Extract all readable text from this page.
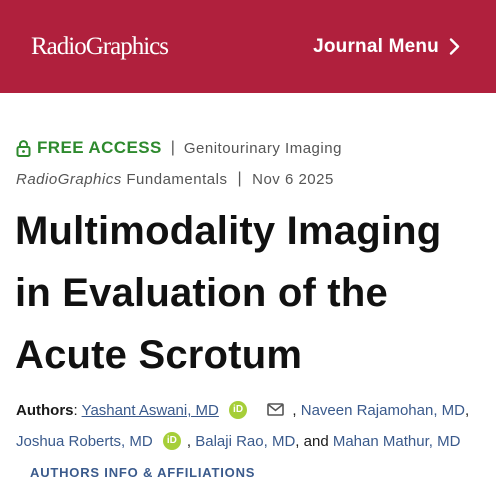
RadioGraphics	Journal Menu
FREE ACCESS | Genitourinary Imaging
RadioGraphics
Fundamentals | Nov 6 2025
Multimodality Imaging
in Evaluation of the
Acute Scrotum
Authors: Yashant Aswani, MD iD	, Naveen Rajamohan, MD,
Joshua Roberts, MD iD , Balaji Rao, MD, and Mahan Mathur, MD AUTHORS INFO & AFFILIATIONS
